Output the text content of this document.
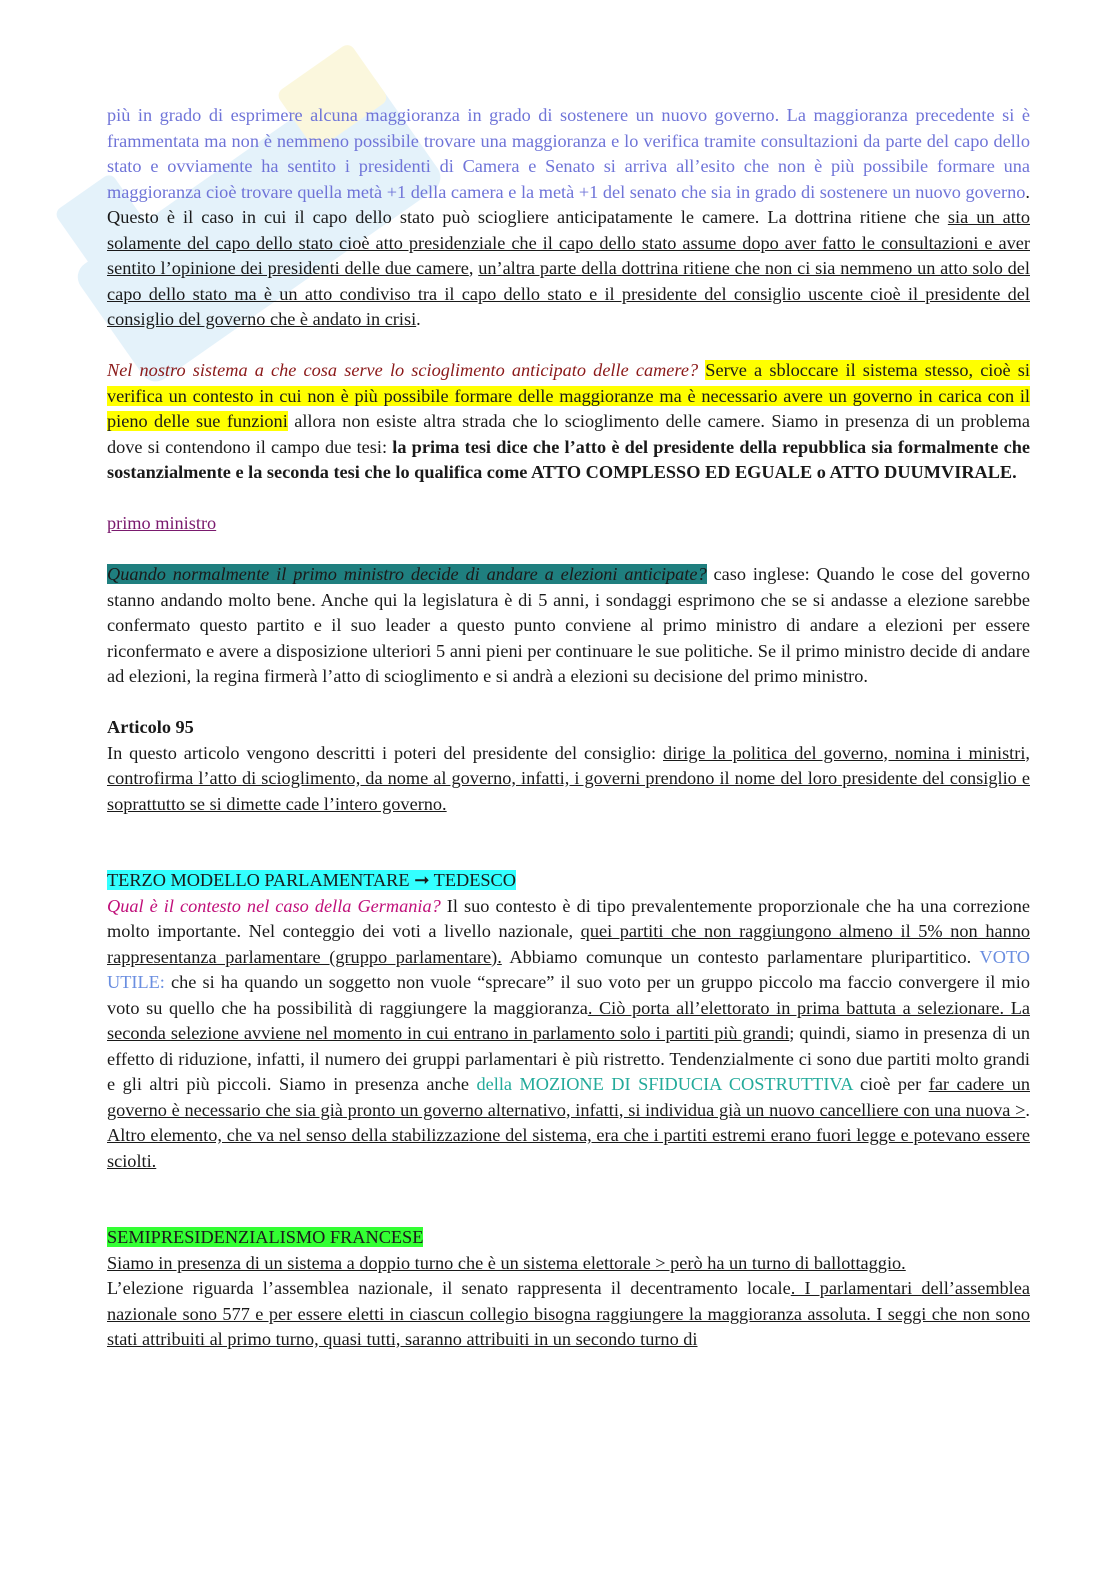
più in grado di esprimere alcuna maggioranza in grado di sostenere un nuovo governo. La maggioranza precedente si è frammentata ma non è nemmeno possibile trovare una maggioranza e lo verifica tramite consultazioni da parte del capo dello stato e ovviamente ha sentito i presidenti di Camera e Senato si arriva all’esito che non è più possibile formare una maggioranza cioè trovare quella metà +1 della camera e la metà +1 del senato che sia in grado di sostenere un nuovo governo. Questo è il caso in cui il capo dello stato può sciogliere anticipatamente le camere. La dottrina ritiene che sia un atto solamente del capo dello stato cioè atto presidenziale che il capo dello stato assume dopo aver fatto le consultazioni e aver sentito l’opinione dei presidenti delle due camere, un’altra parte della dottrina ritiene che non ci sia nemmeno un atto solo del capo dello stato ma è un atto condiviso tra il capo dello stato e il presidente del consiglio uscente cioè il presidente del consiglio del governo che è andato in crisi.

Nel nostro sistema a che cosa serve lo scioglimento anticipato delle camere? Serve a sbloccare il sistema stesso, cioè si verifica un contesto in cui non è più possibile formare delle maggioranze ma è necessario avere un governo in carica con il pieno delle sue funzioni allora non esiste altra strada che lo scioglimento delle camere. Siamo in presenza di un problema dove si contendono il campo due tesi: la prima tesi dice che l’atto è del presidente della repubblica sia formalmente che sostanzialmente e la seconda tesi che lo qualifica come ATTO COMPLESSO ED EGUALE o ATTO DUUMVIRALE.

primo ministro

Quando normalmente il primo ministro decide di andare a elezioni anticipate? caso inglese: Quando le cose del governo stanno andando molto bene. Anche qui la legislatura è di 5 anni, i sondaggi esprimono che se si andasse a elezione sarebbe confermato questo partito e il suo leader a questo punto conviene al primo ministro di andare a elezioni per essere riconfermato e avere a disposizione ulteriori 5 anni pieni per continuare le sue politiche. Se il primo ministro decide di andare ad elezioni, la regina firmerà l’atto di scioglimento e si andrà a elezioni su decisione del primo ministro.

Articolo 95

In questo articolo vengono descritti i poteri del presidente del consiglio: dirige la politica del governo, nomina i ministri, controfirma l’atto di scioglimento, da nome al governo, infatti, i governi prendono il nome del loro presidente del consiglio e soprattutto se si dimette cade l’intero governo.

TERZO MODELLO PARLAMENTARE ➞ TEDESCO

Qual è il contesto nel caso della Germania? Il suo contesto è di tipo prevalentemente proporzionale che ha una correzione molto importante. Nel conteggio dei voti a livello nazionale, quei partiti che non raggiungono almeno il 5% non hanno rappresentanza parlamentare (gruppo parlamentare). Abbiamo comunque un contesto parlamentare pluripartitico. VOTO UTILE: che si ha quando un soggetto non vuole “sprecare” il suo voto per un gruppo piccolo ma faccio convergere il mio voto su quello che ha possibilità di raggiungere la maggioranza. Ciò porta all’elettorato in prima battuta a selezionare. La seconda selezione avviene nel momento in cui entrano in parlamento solo i partiti più grandi; quindi, siamo in presenza di un effetto di riduzione, infatti, il numero dei gruppi parlamentari è più ristretto. Tendenzialmente ci sono due partiti molto grandi e gli altri più piccoli. Siamo in presenza anche della MOZIONE DI SFIDUCIA COSTRUTTIVA cioè per far cadere un governo è necessario che sia già pronto un governo alternativo, infatti, si individua già un nuovo cancelliere con una nuova >. Altro elemento, che va nel senso della stabilizzazione del sistema, era che i partiti estremi erano fuori legge e potevano essere sciolti.

SEMIPRESIDENZIALISMO FRANCESE

Siamo in presenza di un sistema a doppio turno che è un sistema elettorale > però ha un turno di ballottaggio.

L’elezione riguarda l’assemblea nazionale, il senato rappresenta il decentramento locale. I parlamentari dell’assemblea nazionale sono 577 e per essere eletti in ciascun collegio bisogna raggiungere la maggioranza assoluta. I seggi che non sono stati attribuiti al primo turno, quasi tutti, saranno attribuiti in un secondo turno di
